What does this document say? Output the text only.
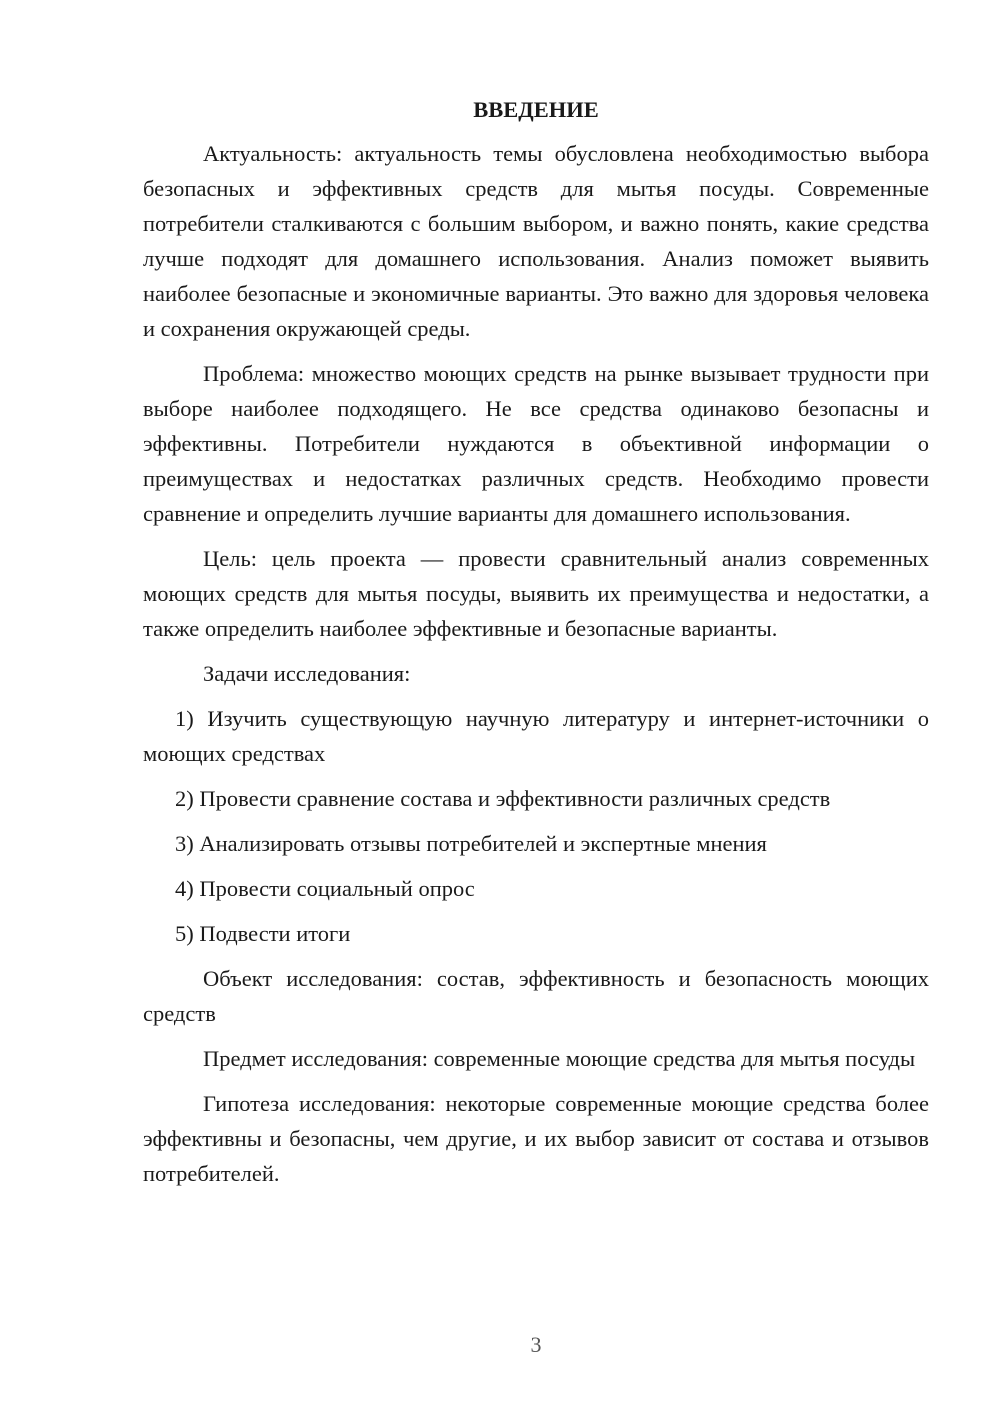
ВВЕДЕНИЕ

Актуальность: актуальность темы обусловлена необходимостью выбора безопасных и эффективных средств для мытья посуды. Современные потребители сталкиваются с большим выбором, и важно понять, какие средства лучше подходят для домашнего использования. Анализ поможет выявить наиболее безопасные и экономичные варианты. Это важно для здоровья человека и сохранения окружающей среды.

Проблема: множество моющих средств на рынке вызывает трудности при выборе наиболее подходящего. Не все средства одинаково безопасны и эффективны. Потребители нуждаются в объективной информации о преимуществах и недостатках различных средств. Необходимо провести сравнение и определить лучшие варианты для домашнего использования.

Цель: цель проекта — провести сравнительный анализ современных моющих средств для мытья посуды, выявить их преимущества и недостатки, а также определить наиболее эффективные и безопасные варианты.

Задачи исследования:

1) Изучить существующую научную литературу и интернет-источники о моющих средствах

2) Провести сравнение состава и эффективности различных средств

3) Анализировать отзывы потребителей и экспертные мнения

4) Провести социальный опрос

5) Подвести итоги

Объект исследования: состав, эффективность и безопасность моющих средств

Предмет исследования: современные моющие средства для мытья посуды

Гипотеза исследования: некоторые современные моющие средства более эффективны и безопасны, чем другие, и их выбор зависит от состава и отзывов потребителей.

3
